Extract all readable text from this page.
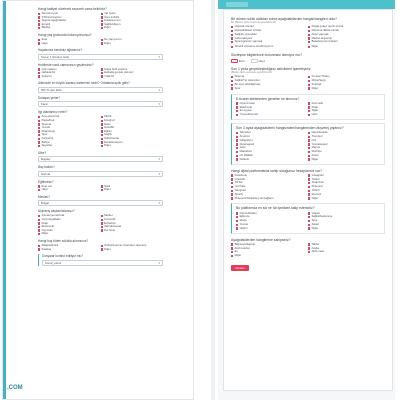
Hangi faaliyet sürelerini seçecek varsa belirtiniz?
Dernek üyesi	Yat üyesi
STK/sivil toplum	Spor kulübü
Sigorta aşağıdakiler	Koleksiyoncu
Emekli	Sağlık/Hijyen
Bilirkişi	Diğer
Hangi yaş grubunda bulunuyorsunuz?
Evet	Ne yapıyorum
Hayır	Diğer
Hayatınıza kendiniz ağlarsınız?
Sonuç 1 üründen fazla ▾
Hobilerde nasıl zamanınızı geçirirsiniz?
Çok nadiren	Sıkça hobi seçtiniz
Haftada bir	Haftada gerçek olsunuz
Ayda bir	Yılda bir
Ailenizde en büyük kazanç kaleminiz nedir? Ortalama aylık gelir?
500 TL den fazla ▾
Dolaşan yerler?
Karar ▾
İlgi alanlarınız neler?
Ana görevimiz	Müzik
Pasta/Kek	Fotoğraf
Sinema	Dans
Yemek	Güzellik
Kitap/dergi	Eğitim
Spor	Sağlık
Kariyer/iş	Kültür/sanat
Bahçe	Ev/dekorasyon
Seyahat	Diğer
Ülke?
Bugday ▾
Bay bakım?
Normal ▾
Eğitiminiz?
Evet var	Şekil
Hayır	Diğer
Meslek?
Bulgat ▾
Alışveriş alışkanlıklarınız?
İçecek/yemek/oda	Market
Giyim/ayakkabı	Kozmetik
Kitap	Ev/bahçe
Elektronik	Takı/aksesuar
Oyuncak	Pet shop
Diğer
Hangi kuş türleri sıklıkla alınırsınız?
Mağaza/butik	Online/internet üzerinden alışveriş
Katalog	Diğer
Dosyalar kontrol ediliyor mu?
Sonuç yoktur ▾
.COM
Bir dönem sıklık aldıktan sonra aşağıdakilerden hangisi/hangileri oldu?
Bir (Birden fazla seçenek seçebilirsiniz)
Organik ürünler	Doğal gıdayı tercih etmek
Kişisel/bitkisel ürünler	Kilosuna dikkat etmek
Sağlıklı yiyecekler	Diyet yapmak
Gıda takviyesi	Market alışverişi
Spor/egzersiz yapmak	Bebek/çocuk ürünleri
Sürekli vücutunu sürdürüyorum	Diğer
Sözleşme bilgilerinizin bulunması isteniyor mu?
Evet	Hayır
Son 1 yılda gerçekleştirdiğiniz aktiviteleri işaretleyiniz
(Birden fazla seçenek seçebilirsiniz)
Sinema	Konser/Tiyatro
Sağlık/Tıp sistemleri	Müze/Sergi
Bir spor etkinliği/maç	Festival
Spor	Diğer
E-ticaret sitelerinden genelde ne alırsınız?
Giyim/moda	Kozmetik
Elektronik	Kitap
Ev eşyası	Diğer
Yiyecek/içecek	Hobi
Son 3 ayda aşağıdakilerin hangisinden/hangilerinden alışveriş yaptınız?
Teknoloji	Hepsiburada
Amazon	Trendyol
Gittigidiyor	n11
Çiçeksepeti	Yemeksepeti
Getir	Migros
Markafoni	Morhipo
LC Waikiki	Koton
Defacto	Diğer
Hangi dijital platformlarda sahip olduğunuz hesaplarınız var?
Facebook	Instagram
LinkedIn	Twitter
TikTok	Snapchat
YouTube	Pinterest
Telegram	Twitch
Spotify	Discord
Pinterest WhatsApp ile bağlantı	Diğer
Bu platformda en sık ne tür içerikleri takip edersiniz?
Güncel/Haber	Yaşam
Eğlence	Sağlık/beslenme
Moda	Spor
Yemek	Sanat
Hiçbiri	Diğer
Aşağıdakilerden hangilerine sahipsiniz?
Bilgisayar/laptop	Tablet
Akıllı telefon	Araba
Ev	Akıllı saat
Diğer
Gönder
